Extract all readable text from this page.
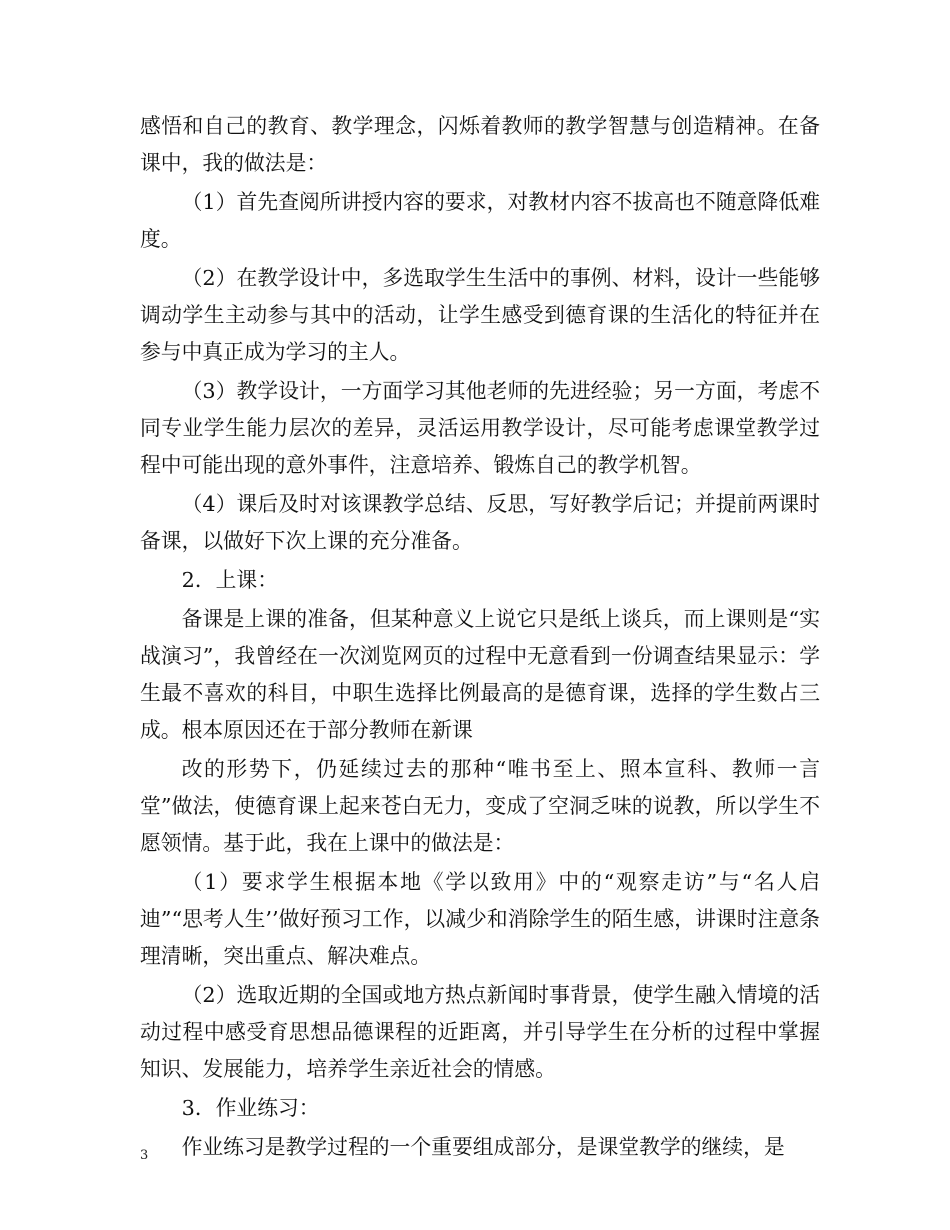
感悟和自己的教育、教学理念，闪烁着教师的教学智慧与创造精神。在备课中，我的做法是：

（1）首先查阅所讲授内容的要求，对教材内容不拔高也不随意降低难度。

（2）在教学设计中，多选取学生生活中的事例、材料，设计一些能够调动学生主动参与其中的活动，让学生感受到德育课的生活化的特征并在参与中真正成为学习的主人。

（3）教学设计，一方面学习其他老师的先进经验；另一方面，考虑不同专业学生能力层次的差异，灵活运用教学设计，尽可能考虑课堂教学过程中可能出现的意外事件，注意培养、锻炼自己的教学机智。

（4）课后及时对该课教学总结、反思，写好教学后记；并提前两课时备课，以做好下次上课的充分准备。

2．上课：

备课是上课的准备，但某种意义上说它只是纸上谈兵，而上课则是“实战演习”，我曾经在一次浏览网页的过程中无意看到一份调查结果显示：学生最不喜欢的科目，中职生选择比例最高的是德育课，选择的学生数占三成。根本原因还在于部分教师在新课

改的形势下，仍延续过去的那种“唯书至上、照本宣科、教师一言堂”做法，使德育课上起来苍白无力，变成了空洞乏味的说教，所以学生不愿领情。基于此，我在上课中的做法是：

（1）要求学生根据本地《学以致用》中的“观察走访”与“名人启迪”“思考人生’’做好预习工作，以减少和消除学生的陌生感，讲课时注意条理清晰，突出重点、解决难点。

（2）选取近期的全国或地方热点新闻时事背景，使学生融入情境的活动过程中感受育思想品德课程的近距离，并引导学生在分析的过程中掌握知识、发展能力，培养学生亲近社会的情感。

3．作业练习：

作业练习是教学过程的一个重要组成部分，是课堂教学的继续，是

3
